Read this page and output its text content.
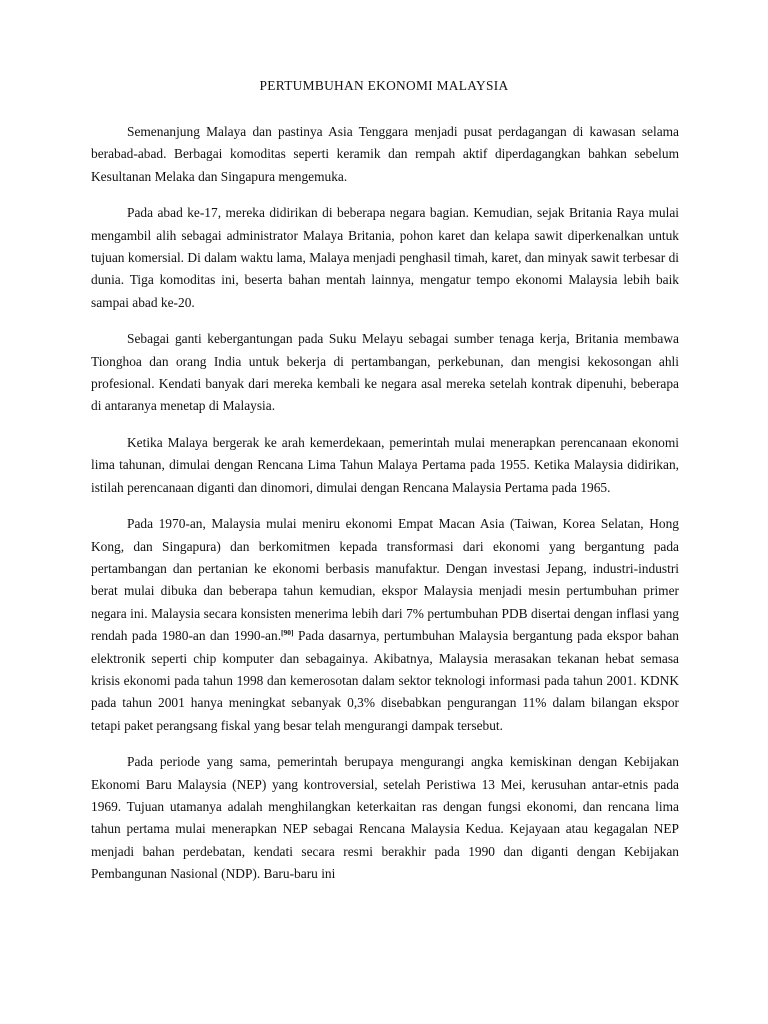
PERTUMBUHAN EKONOMI MALAYSIA

Semenanjung Malaya dan pastinya Asia Tenggara menjadi pusat perdagangan di kawasan selama berabad-abad. Berbagai komoditas seperti keramik dan rempah aktif diperdagangkan bahkan sebelum Kesultanan Melaka dan Singapura mengemuka.

Pada abad ke-17, mereka didirikan di beberapa negara bagian. Kemudian, sejak Britania Raya mulai mengambil alih sebagai administrator Malaya Britania, pohon karet dan kelapa sawit diperkenalkan untuk tujuan komersial. Di dalam waktu lama, Malaya menjadi penghasil timah, karet, dan minyak sawit terbesar di dunia. Tiga komoditas ini, beserta bahan mentah lainnya, mengatur tempo ekonomi Malaysia lebih baik sampai abad ke-20.

Sebagai ganti kebergantungan pada Suku Melayu sebagai sumber tenaga kerja, Britania membawa Tionghoa dan orang India untuk bekerja di pertambangan, perkebunan, dan mengisi kekosongan ahli profesional. Kendati banyak dari mereka kembali ke negara asal mereka setelah kontrak dipenuhi, beberapa di antaranya menetap di Malaysia.

Ketika Malaya bergerak ke arah kemerdekaan, pemerintah mulai menerapkan perencanaan ekonomi lima tahunan, dimulai dengan Rencana Lima Tahun Malaya Pertama pada 1955. Ketika Malaysia didirikan, istilah perencanaan diganti dan dinomori, dimulai dengan Rencana Malaysia Pertama pada 1965.

Pada 1970-an, Malaysia mulai meniru ekonomi Empat Macan Asia (Taiwan, Korea Selatan, Hong Kong, dan Singapura) dan berkomitmen kepada transformasi dari ekonomi yang bergantung pada pertambangan dan pertanian ke ekonomi berbasis manufaktur. Dengan investasi Jepang, industri-industri berat mulai dibuka dan beberapa tahun kemudian, ekspor Malaysia menjadi mesin pertumbuhan primer negara ini. Malaysia secara konsisten menerima lebih dari 7% pertumbuhan PDB disertai dengan inflasi yang rendah pada 1980-an dan 1990-an.[90] Pada dasarnya, pertumbuhan Malaysia bergantung pada ekspor bahan elektronik seperti chip komputer dan sebagainya. Akibatnya, Malaysia merasakan tekanan hebat semasa krisis ekonomi pada tahun 1998 dan kemerosotan dalam sektor teknologi informasi pada tahun 2001. KDNK pada tahun 2001 hanya meningkat sebanyak 0,3% disebabkan pengurangan 11% dalam bilangan ekspor tetapi paket perangsang fiskal yang besar telah mengurangi dampak tersebut.

Pada periode yang sama, pemerintah berupaya mengurangi angka kemiskinan dengan Kebijakan Ekonomi Baru Malaysia (NEP) yang kontroversial, setelah Peristiwa 13 Mei, kerusuhan antar-etnis pada 1969. Tujuan utamanya adalah menghilangkan keterkaitan ras dengan fungsi ekonomi, dan rencana lima tahun pertama mulai menerapkan NEP sebagai Rencana Malaysia Kedua. Kejayaan atau kegagalan NEP menjadi bahan perdebatan, kendati secara resmi berakhir pada 1990 dan diganti dengan Kebijakan Pembangunan Nasional (NDP). Baru-baru ini
